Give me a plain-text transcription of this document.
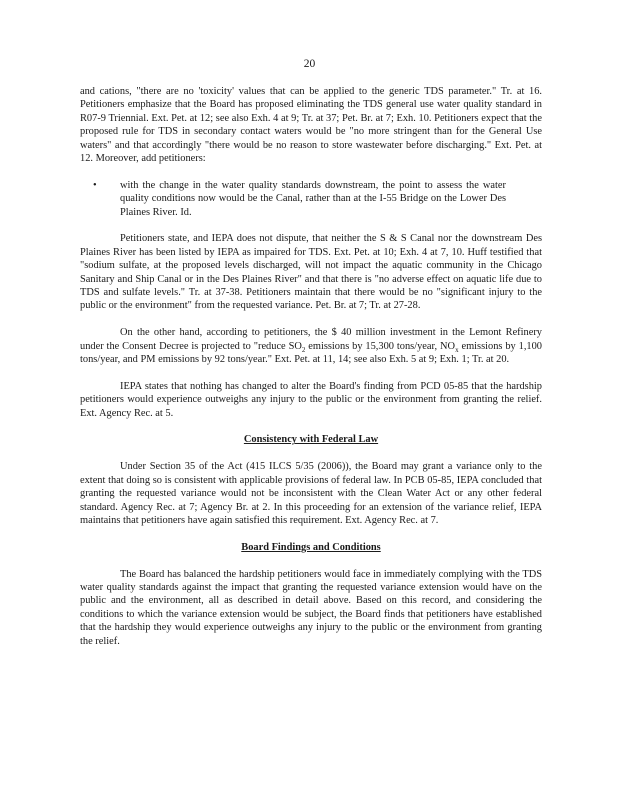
20

and cations, "there are no 'toxicity' values that can be applied to the generic TDS parameter." Tr. at 16. Petitioners emphasize that the Board has proposed eliminating the TDS general use water quality standard in R07-9 Triennial. Ext. Pet. at 12; see also Exh. 4 at 9; Tr. at 37; Pet. Br. at 7; Exh. 10. Petitioners expect that the proposed rule for TDS in secondary contact waters would be "no more stringent than for the General Use waters" and that accordingly "there would be no reason to store wastewater before discharging." Ext. Pet. at 12. Moreover, add petitioners:

• with the change in the water quality standards downstream, the point to assess the water quality conditions now would be the Canal, rather than at the I-55 Bridge on the Lower Des Plaines River. Id.

Petitioners state, and IEPA does not dispute, that neither the S & S Canal nor the downstream Des Plaines River has been listed by IEPA as impaired for TDS. Ext. Pet. at 10; Exh. 4 at 7, 10. Huff testified that "sodium sulfate, at the proposed levels discharged, will not impact the aquatic community in the Chicago Sanitary and Ship Canal or in the Des Plaines River" and that there is "no adverse effect on aquatic life due to TDS and sulfate levels." Tr. at 37-38. Petitioners maintain that there would be no "significant injury to the public or the environment" from the requested variance. Pet. Br. at 7; Tr. at 27-28.

On the other hand, according to petitioners, the $ 40 million investment in the Lemont Refinery under the Consent Decree is projected to "reduce $SO_2$ emissions by 15,300 tons/year, $NO_x$ emissions by 1,100 tons/year, and PM emissions by 92 tons/year." Ext. Pet. at 11, 14; see also Exh. 5 at 9; Exh. 1; Tr. at 20.

IEPA states that nothing has changed to alter the Board's finding from PCD 05-85 that the hardship petitioners would experience outweighs any injury to the public or the environment from granting the relief. Ext. Agency Rec. at 5.

Consistency with Federal Law

Under Section 35 of the Act (415 ILCS 5/35 (2006)), the Board may grant a variance only to the extent that doing so is consistent with applicable provisions of federal law. In PCB 05-85, IEPA concluded that granting the requested variance would not be inconsistent with the Clean Water Act or any other federal standard. Agency Rec. at 7; Agency Br. at 2. In this proceeding for an extension of the variance relief, IEPA maintains that petitioners have again satisfied this requirement. Ext. Agency Rec. at 7.

Board Findings and Conditions

The Board has balanced the hardship petitioners would face in immediately complying with the TDS water quality standards against the impact that granting the requested variance extension would have on the public and the environment, all as described in detail above. Based on this record, and considering the conditions to which the variance extension would be subject, the Board finds that petitioners have established that the hardship they would experience outweighs any injury to the public or the environment from granting the relief.
